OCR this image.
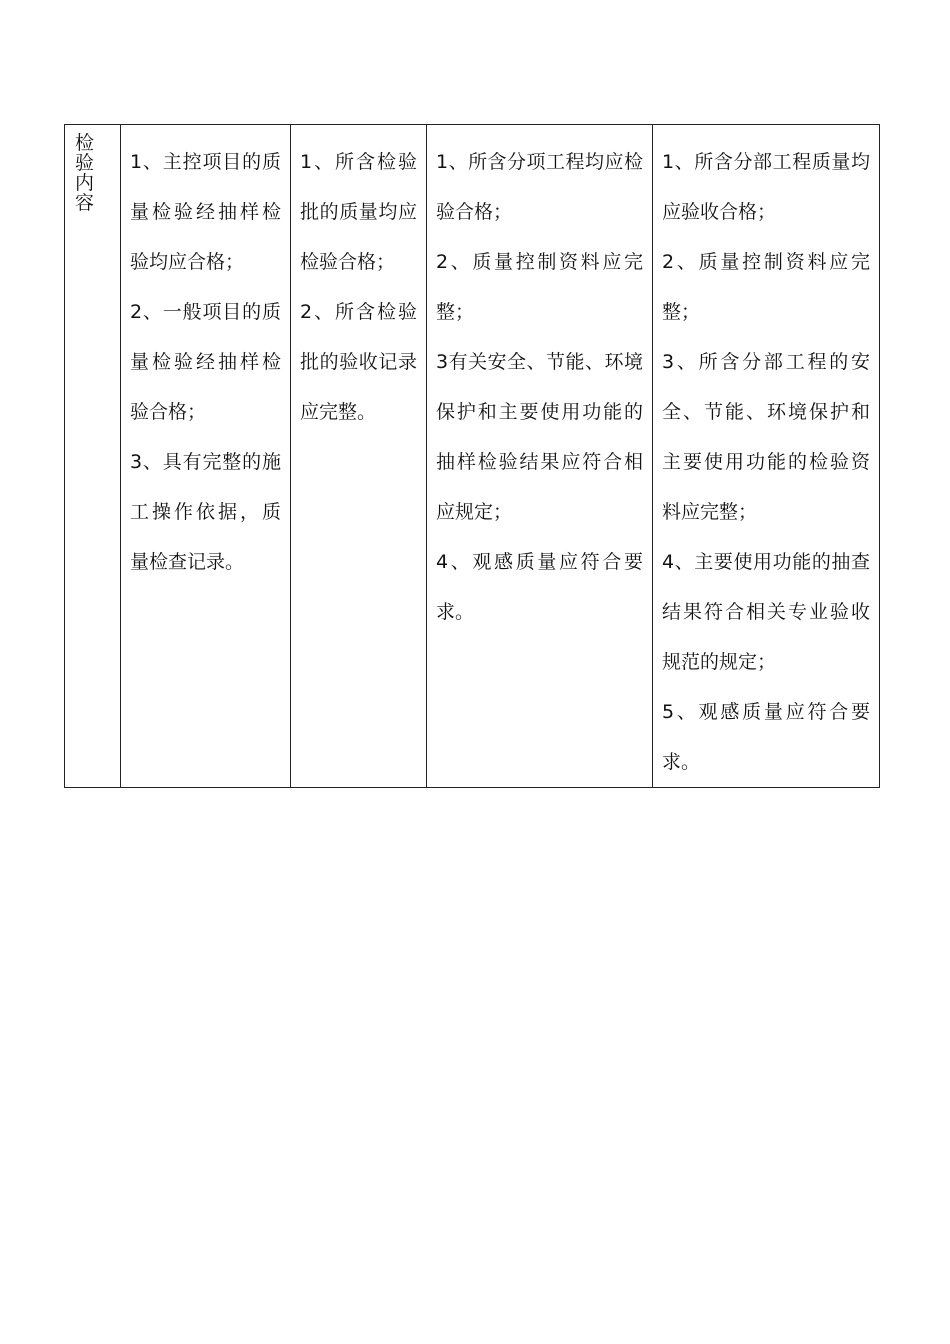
检验内容

1、主控项目的质量检验经抽样检验均应合格；
2、一般项目的质量检验经抽样检验合格；
3、具有完整的施工操作依据，质量检查记录。

1、所含检验批的质量均应检验合格；
2、所含检验批的验收记录应完整。

1、所含分项工程均应检验合格；
2、质量控制资料应完整；
3有关安全、节能、环境保护和主要使用功能的抽样检验结果应符合相应规定；
4、观感质量应符合要求。

1、所含分部工程质量均应验收合格；
2、质量控制资料应完整；
3、所含分部工程的安全、节能、环境保护和主要使用功能的检验资料应完整；
4、主要使用功能的抽查结果符合相关专业验收规范的规定；
5、观感质量应符合要求。
